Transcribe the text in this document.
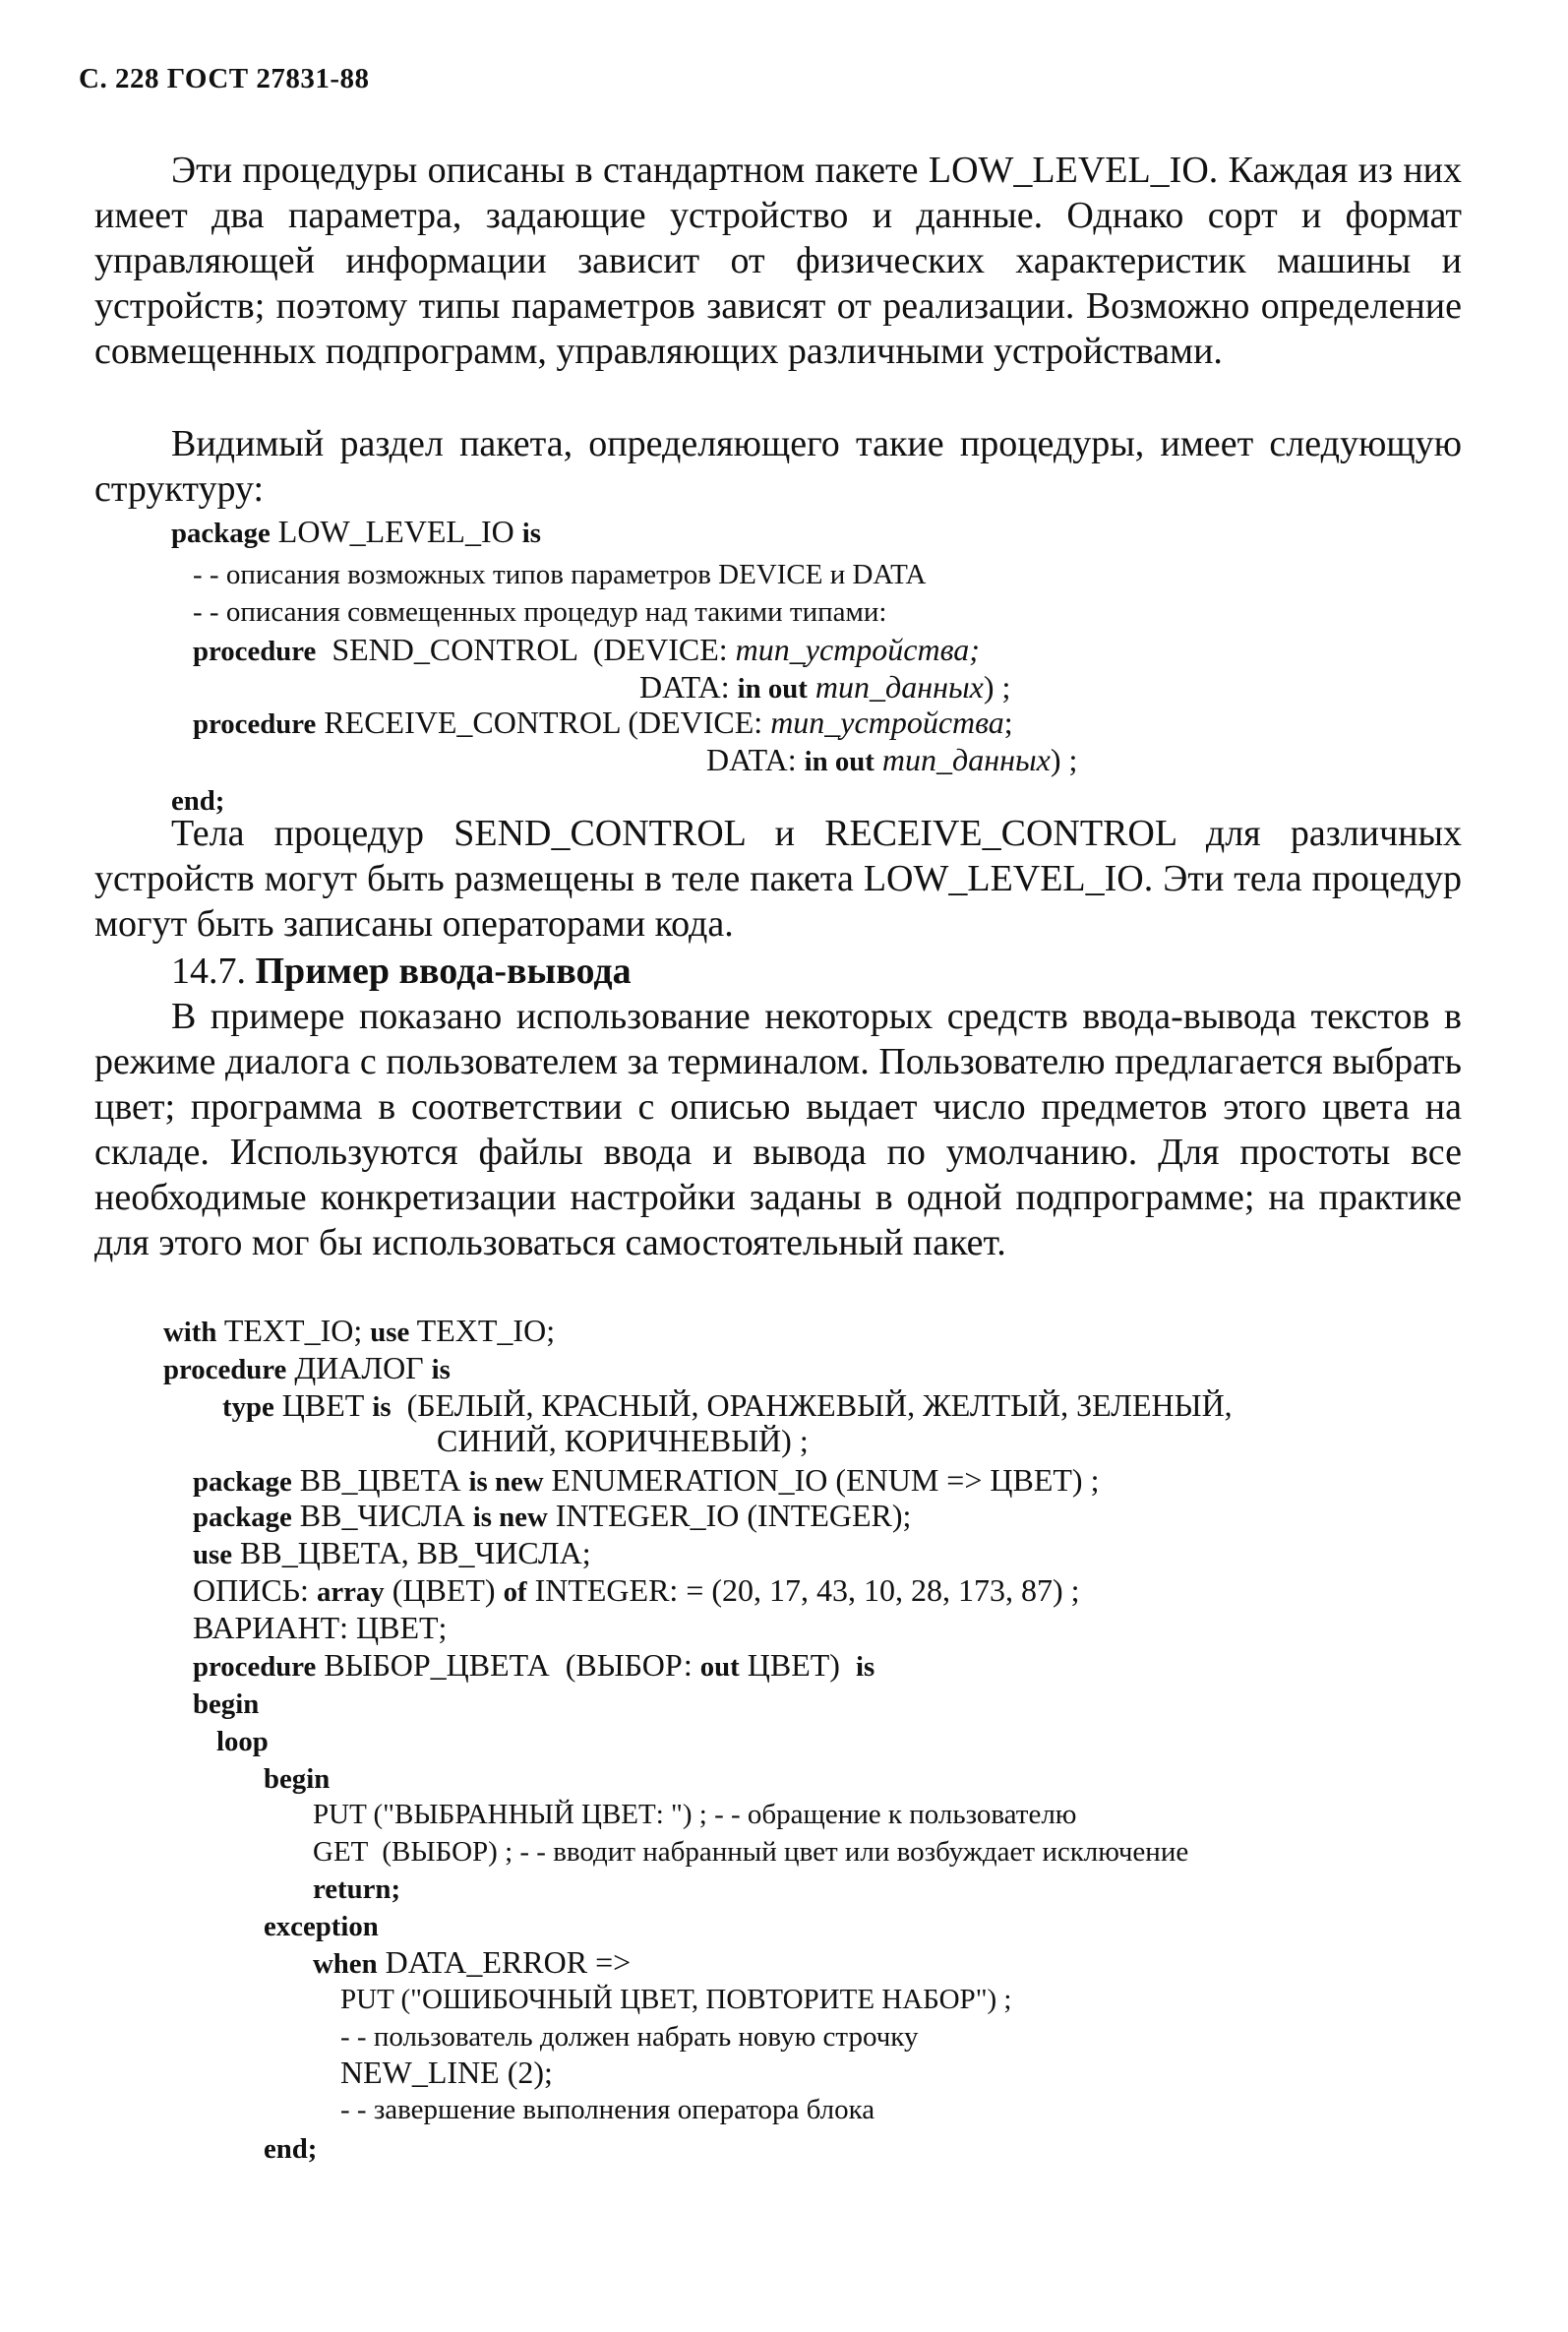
С. 228 ГОСТ 27831-88

Эти процедуры описаны в стандартном пакете LOW_LEVEL_IO. Каждая из них имеет два параметра, задающие устройство и данные. Однако сорт и формат управляющей информации зависит от физических характеристик машины и устройств; поэтому типы параметров зависят от реализации. Возможно определение совмещенных подпрограмм, управляющих различными устройствами.

Видимый раздел пакета, определяющего такие процедуры, имеет следующую структуру:

package LOW_LEVEL_IO is
- - описания возможных типов параметров DEVICE и DATA
- - описания совмещенных процедур над такими типами:
procedure  SEND_CONTROL  (DEVICE: тип_устройства;
DATA: in out тип_данных) ;
procedure RECEIVE_CONTROL (DEVICE: тип_устройства;
DATA: in out тип_данных) ;
end;

Тела процедур SEND_CONTROL и RECEIVE_CONTROL для различных устройств могут быть размещены в теле пакета LOW_LEVEL_IO. Эти тела процедур могут быть записаны операторами кода.

14.7. Пример ввода-вывода

В примере показано использование некоторых средств ввода-вывода текстов в режиме диалога с пользователем за терминалом. Пользователю предлагается выбрать цвет; программа в соответствии с описью выдает число предметов этого цвета на складе. Используются файлы ввода и вывода по умолчанию. Для простоты все необходимые конкретизации настройки заданы в одной подпрограмме; на практике для этого мог бы использоваться самостоятельный пакет.

with TEXT_IO; use TEXT_IO;
procedure ДИАЛОГ is
type ЦВЕТ is  (БЕЛЫЙ, КРАСНЫЙ, ОРАНЖЕВЫЙ, ЖЕЛТЫЙ, ЗЕЛЕНЫЙ,
СИНИЙ, КОРИЧНЕВЫЙ) ;
package ВВ_ЦВЕТА is new ENUMERATION_IO (ENUM => ЦВЕТ) ;
package ВВ_ЧИСЛА is new INTEGER_IO (INTEGER);
use ВВ_ЦВЕТА, ВВ_ЧИСЛА;
ОПИСЬ: array (ЦВЕТ) of INTEGER: = (20, 17, 43, 10, 28, 173, 87) ;
ВАРИАНТ: ЦВЕТ;
procedure ВЫБОР_ЦВЕТА  (ВЫБОР: out ЦВЕТ)  is
begin
loop
begin
PUT ("ВЫБРАННЫЙ ЦВЕТ: ") ; - - обращение к пользователю
GET  (ВЫБОР) ; - - вводит набранный цвет или возбуждает исключение
return;
exception
when DATA_ERROR =>
PUT ("ОШИБОЧНЫЙ ЦВЕТ, ПОВТОРИТЕ НАБОР") ;
- - пользователь должен набрать новую строчку
NEW_LINE (2);
- - завершение выполнения оператора блока
end;
